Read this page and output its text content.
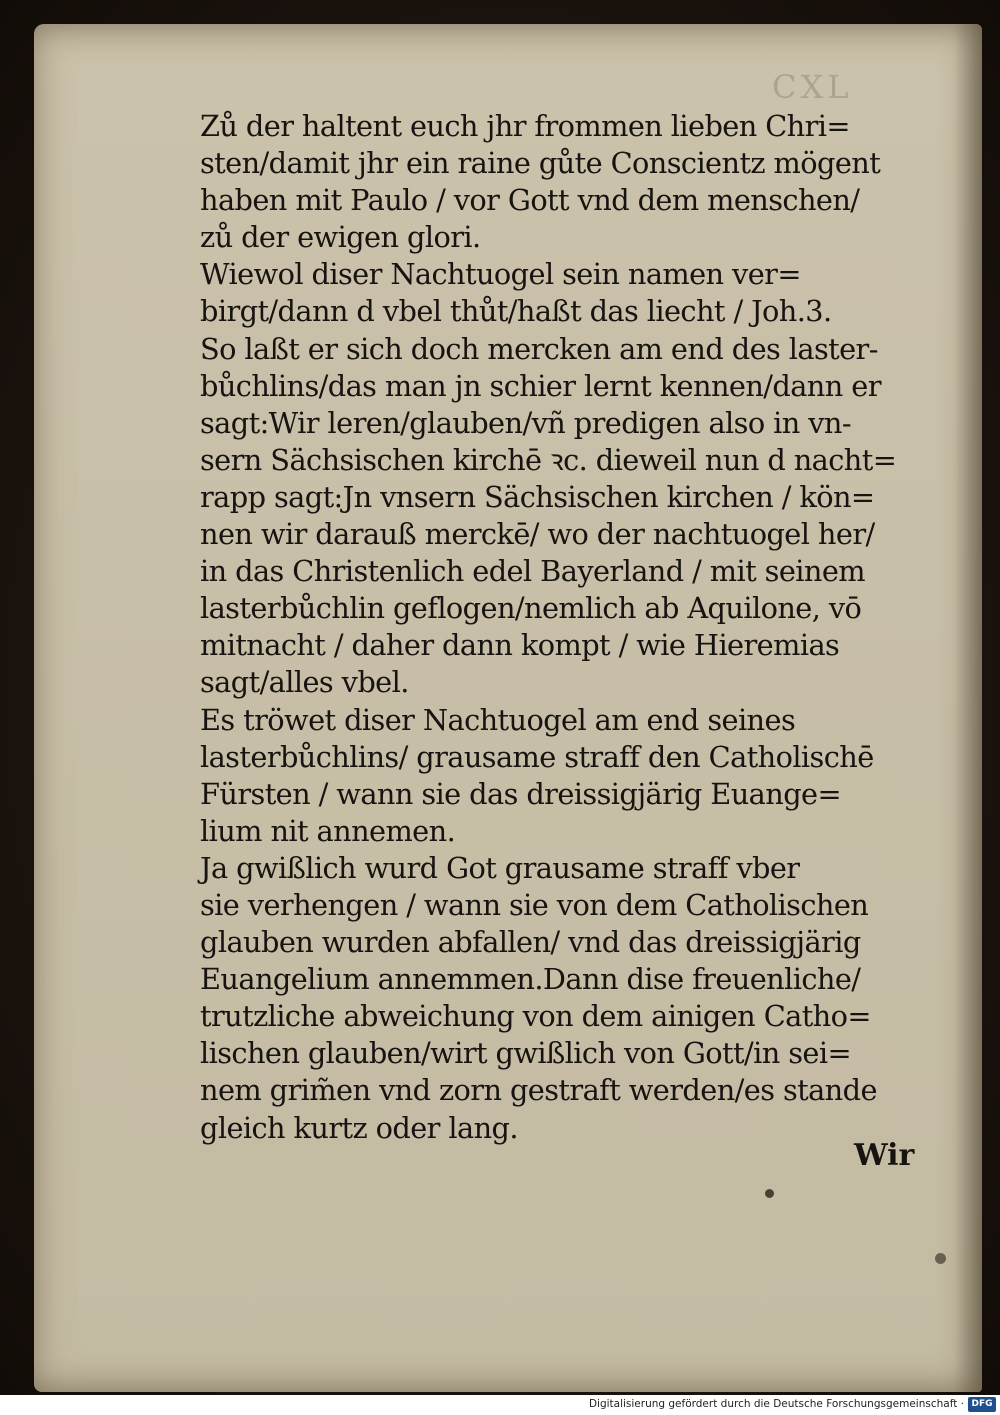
CXL
Zů der haltent euch jhr frommen lieben Chri=
sten/damit jhr ein raine gůte Conscientz mögent
haben mit Paulo / vor Gott vnd dem menschen/
zů der ewigen glori.
Wiewol diser Nachtuogel sein namen ver=
birgt/dann d vbel thůt/haßt das liecht / Joh.3.
So laßt er sich doch mercken am end des laster-
bůchlins/das man jn schier lernt kennen/dann er
sagt:Wir leren/glauben/vñ predigen also in vn-
sern Sächsischen kirchē ꝛc. dieweil nun d nacht=
rapp sagt:Jn vnsern Sächsischen kirchen / kön=
nen wir darauß merckē/ wo der nachtuogel her/
in das Christenlich edel Bayerland / mit seinem
lasterbůchlin geflogen/nemlich ab Aquilone, vō
mitnacht / daher dann kompt / wie Hieremias
sagt/alles vbel.
Es tröwet diser Nachtuogel am end seines
lasterbůchlins/ grausame straff den Catholischē
Fürsten / wann sie das dreissigjärig Euange=
lium nit annemen.
Ja gwißlich wurd Got grausame straff vber
sie verhengen / wann sie von dem Catholischen
glauben wurden abfallen/ vnd das dreissigjärig
Euangelium annemmen.Dann dise freuenliche/
trutzliche abweichung von dem ainigen Catho=
lischen glauben/wirt gwißlich von Gott/in sei=
nem grim̃en vnd zorn gestraft werden/es stande
gleich kurtz oder lang.
Wir
Digitalisierung gefördert durch die Deutsche Forschungsgemeinschaft · DFG
